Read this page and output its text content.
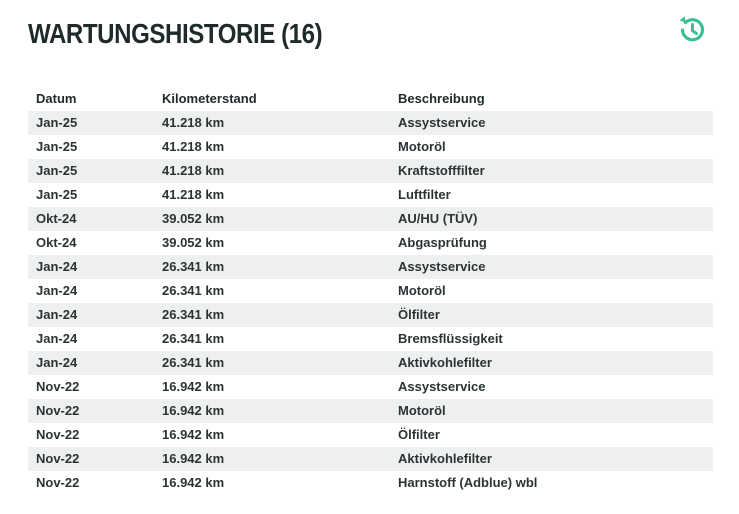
WARTUNGSHISTORIE (16)
Datum	Kilometerstand	Beschreibung
Jan-25	41.218 km	Assystservice
Jan-25	41.218 km	Motoröl
Jan-25	41.218 km	Kraftstofffilter
Jan-25	41.218 km	Luftfilter
Okt-24	39.052 km	AU/HU (TÜV)
Okt-24	39.052 km	Abgasprüfung
Jan-24	26.341 km	Assystservice
Jan-24	26.341 km	Motoröl
Jan-24	26.341 km	Ölfilter
Jan-24	26.341 km	Bremsflüssigkeit
Jan-24	26.341 km	Aktivkohlefilter
Nov-22	16.942 km	Assystservice
Nov-22	16.942 km	Motoröl
Nov-22	16.942 km	Ölfilter
Nov-22	16.942 km	Aktivkohlefilter
Nov-22	16.942 km	Harnstoff (Adblue) wbl
